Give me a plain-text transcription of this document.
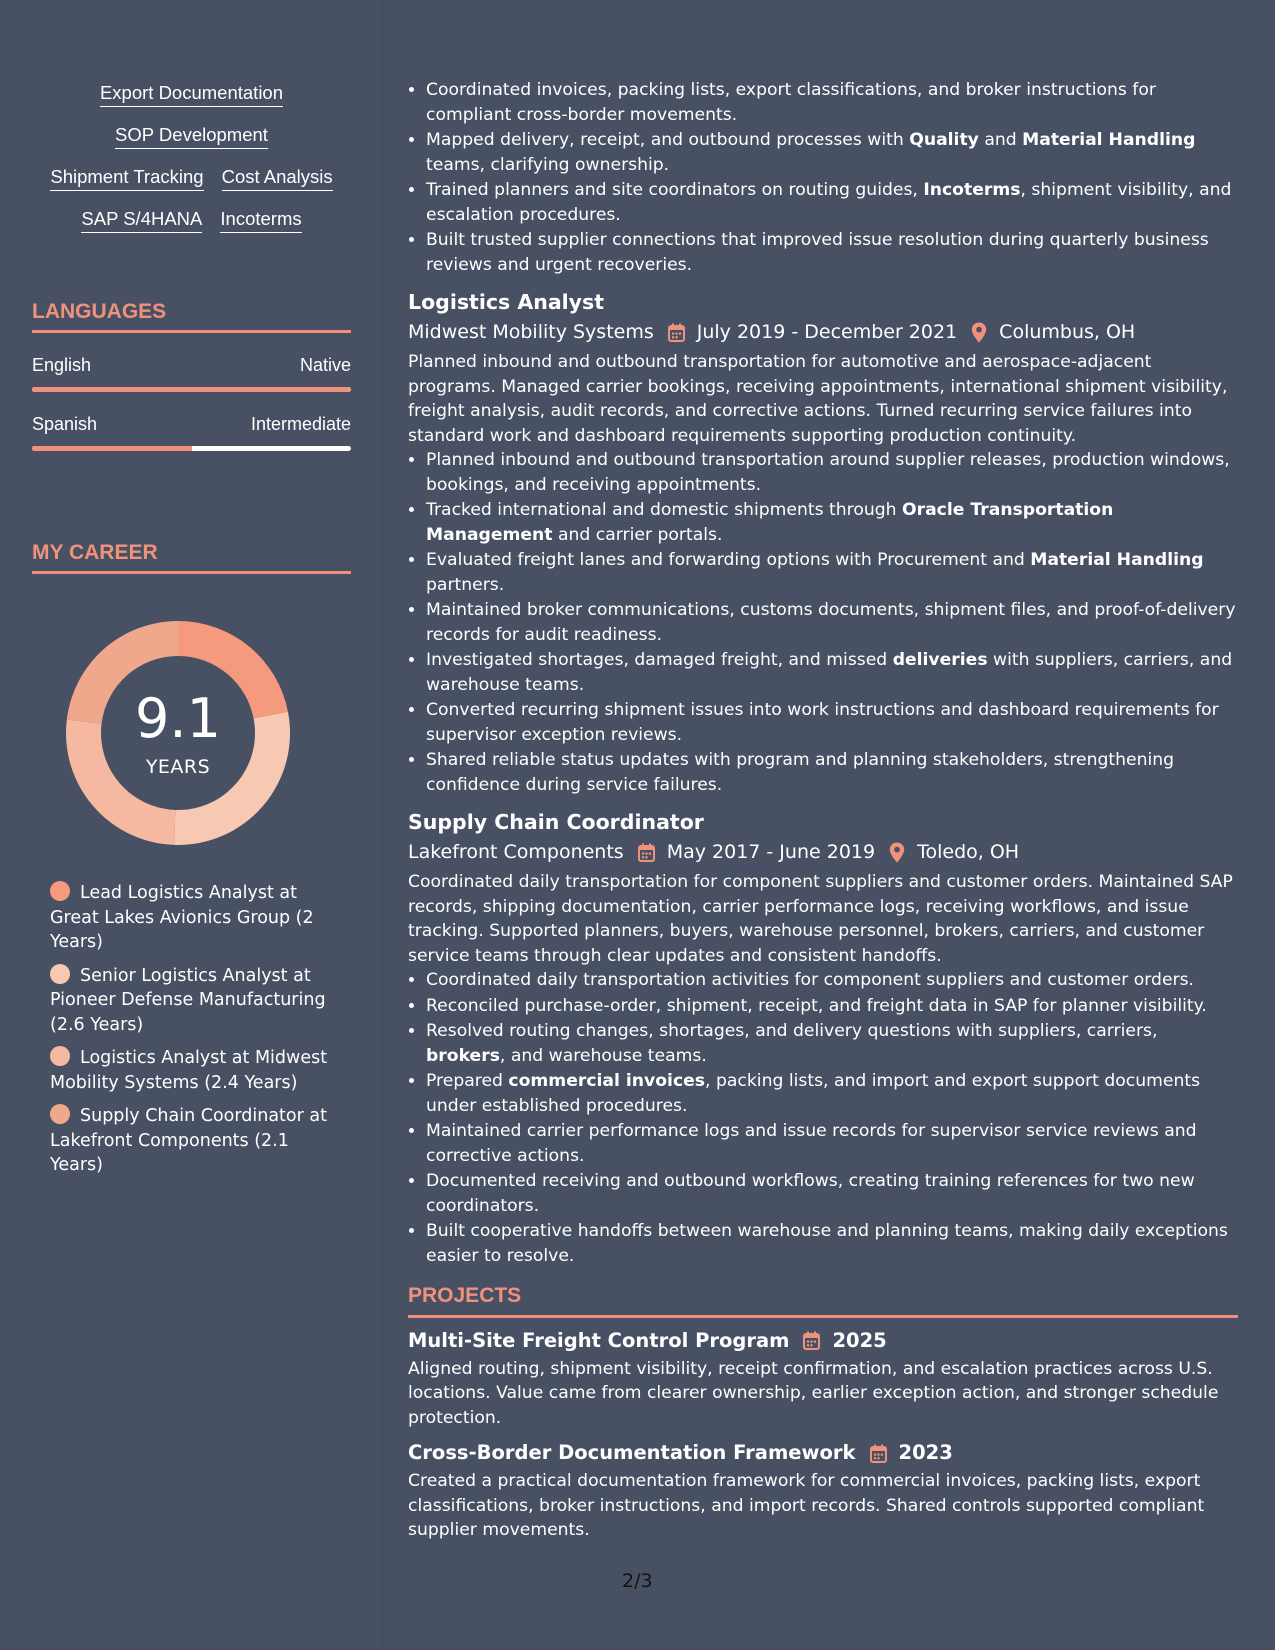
Export Documentation
SOP Development
Shipment Tracking Cost Analysis
SAP S/4HANA Incoterms
LANGUAGES
English	Native
Spanish	Intermediate
MY CAREER
9.1
YEARS
Lead Logistics Analyst at Great Lakes Avionics Group (2 Years)
Senior Logistics Analyst at Pioneer Defense Manufacturing (2.6 Years)
Logistics Analyst at Midwest Mobility Systems (2.4 Years)
Supply Chain Coordinator at Lakefront Components (2.1 Years)
• Coordinated invoices, packing lists, export classifications, and broker instructions for compliant cross-border movements.
• Mapped delivery, receipt, and outbound processes with Quality and Material Handling teams, clarifying ownership.
• Trained planners and site coordinators on routing guides, Incoterms, shipment visibility, and escalation procedures.
• Built trusted supplier connections that improved issue resolution during quarterly business reviews and urgent recoveries.
Logistics Analyst
Midwest Mobility Systems July 2019 - December 2021 Columbus, OH

Planned inbound and outbound transportation for automotive and aerospace-adjacent programs. Managed carrier bookings, receiving appointments, international shipment visibility, freight analysis, audit records, and corrective actions. Turned recurring service failures into standard work and dashboard requirements supporting production continuity.

• Planned inbound and outbound transportation around supplier releases, production windows, bookings, and receiving appointments.
• Tracked international and domestic shipments through Oracle Transportation Management and carrier portals.
• Evaluated freight lanes and forwarding options with Procurement and Material Handling partners.
• Maintained broker communications, customs documents, shipment files, and proof-of-delivery records for audit readiness.
• Investigated shortages, damaged freight, and missed deliveries with suppliers, carriers, and warehouse teams.
• Converted recurring shipment issues into work instructions and dashboard requirements for supervisor exception reviews.
• Shared reliable status updates with program and planning stakeholders, strengthening confidence during service failures.
Supply Chain Coordinator
Lakefront Components May 2017 - June 2019 Toledo, OH

Coordinated daily transportation for component suppliers and customer orders. Maintained SAP records, shipping documentation, carrier performance logs, receiving workflows, and issue tracking. Supported planners, buyers, warehouse personnel, brokers, carriers, and customer service teams through clear updates and consistent handoffs.

• Coordinated daily transportation activities for component suppliers and customer orders.
• Reconciled purchase-order, shipment, receipt, and freight data in SAP for planner visibility.
• Resolved routing changes, shortages, and delivery questions with suppliers, carriers, brokers, and warehouse teams.
• Prepared commercial invoices, packing lists, and import and export support documents under established procedures.
• Maintained carrier performance logs and issue records for supervisor service reviews and corrective actions.
• Documented receiving and outbound workflows, creating training references for two new coordinators.
• Built cooperative handoffs between warehouse and planning teams, making daily exceptions easier to resolve.
PROJECTS
Multi-Site Freight Control Program 2025
Aligned routing, shipment visibility, receipt confirmation, and escalation practices across U.S. locations. Value came from clearer ownership, earlier exception action, and stronger schedule protection.
Cross-Border Documentation Framework 2023
Created a practical documentation framework for commercial invoices, packing lists, export classifications, broker instructions, and import records. Shared controls supported compliant supplier movements.
2/3
